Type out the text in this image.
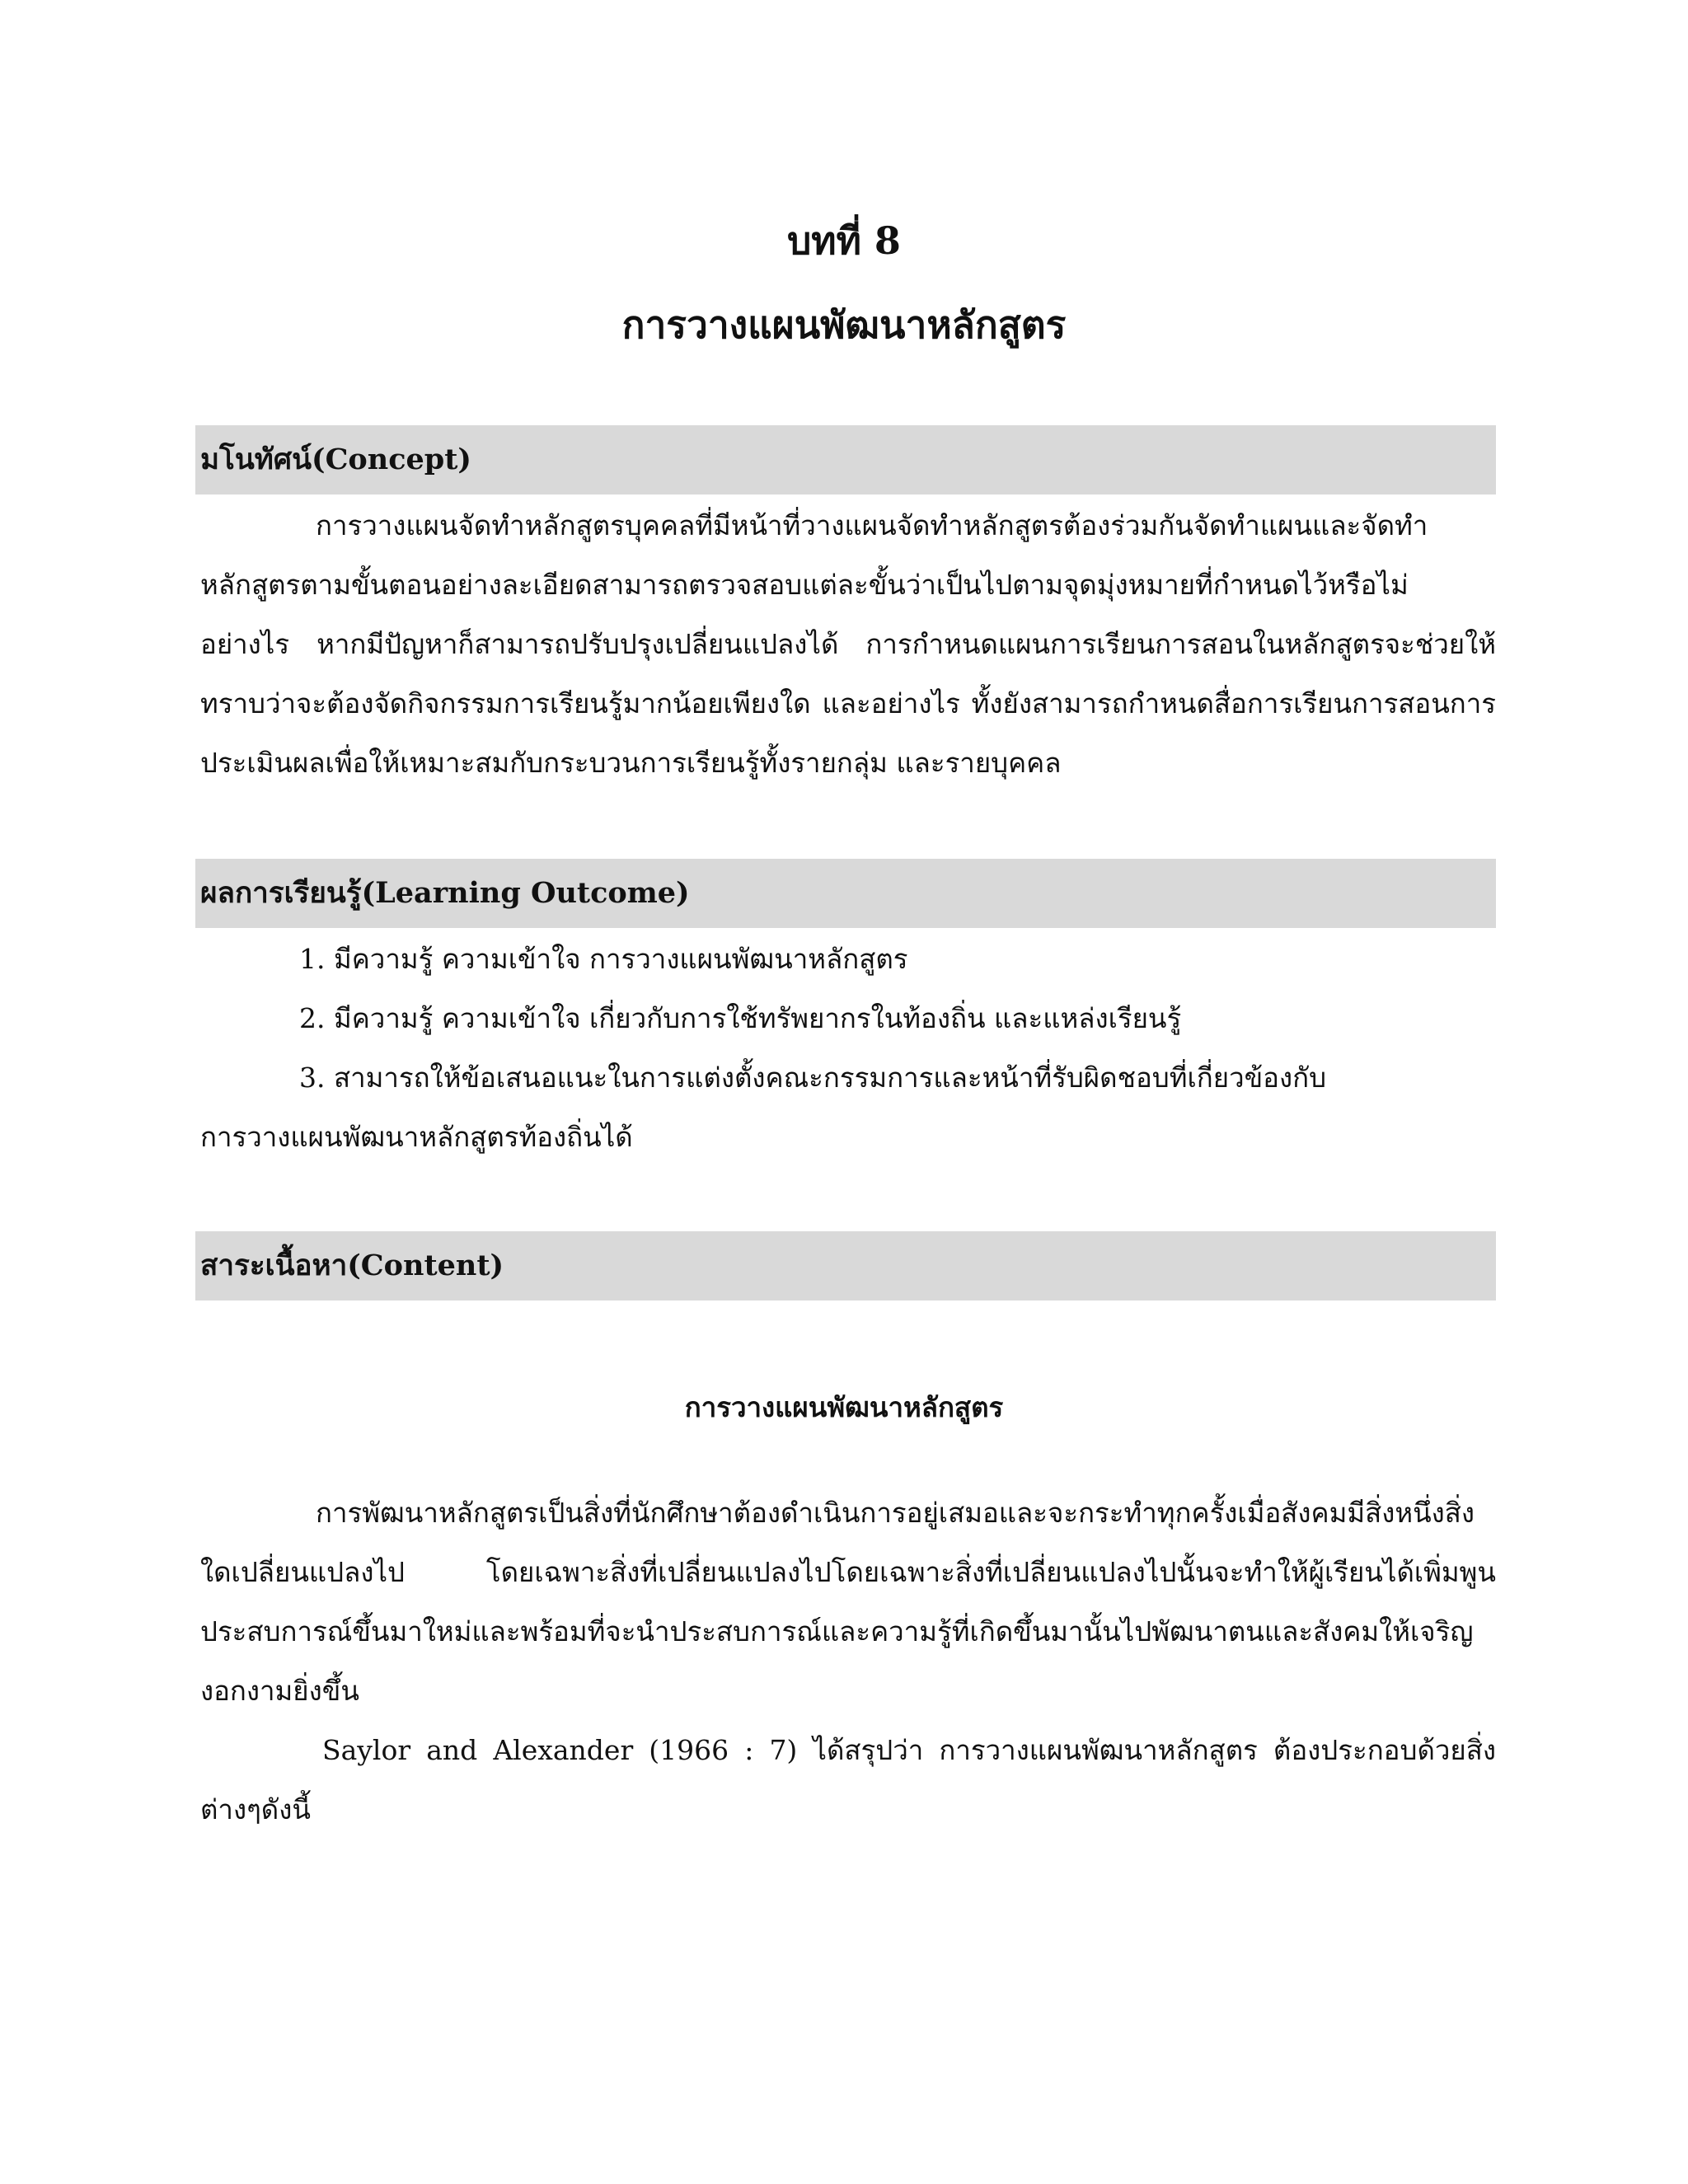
บทที่ 8
การวางแผนพัฒนาหลักสูตร
มโนทัศน์(Concept)

การวางแผนจัดทำหลักสูตรบุคคลที่มีหน้าที่วางแผนจัดทำหลักสูตรต้องร่วมกันจัดทำแผนและจัดทำหลักสูตรตามขั้นตอนอย่างละเอียดสามารถตรวจสอบแต่ละขั้นว่าเป็นไปตามจุดมุ่งหมายที่กำหนดไว้หรือไม่อย่างไร หากมีปัญหาก็สามารถปรับปรุงเปลี่ยนแปลงได้ การกำหนดแผนการเรียนการสอนในหลักสูตรจะช่วยให้ทราบว่าจะต้องจัดกิจกรรมการเรียนรู้มากน้อยเพียงใด และอย่างไร ทั้งยังสามารถกำหนดสื่อการเรียนการสอนการประเมินผลเพื่อให้เหมาะสมกับกระบวนการเรียนรู้ทั้งรายกลุ่ม และรายบุคคล

ผลการเรียนรู้(Learning Outcome)

1. มีความรู้ ความเข้าใจ การวางแผนพัฒนาหลักสูตร

2. มีความรู้ ความเข้าใจ เกี่ยวกับการใช้ทรัพยากรในท้องถิ่น และแหล่งเรียนรู้

3. สามารถให้ข้อเสนอแนะในการแต่งตั้งคณะกรรมการและหน้าที่รับผิดชอบที่เกี่ยวข้องกับ

การวางแผนพัฒนาหลักสูตรท้องถิ่นได้

สาระเนื้อหา(Content)
การวางแผนพัฒนาหลักสูตร

การพัฒนาหลักสูตรเป็นสิ่งที่นักศึกษาต้องดำเนินการอยู่เสมอและจะกระทำทุกครั้งเมื่อสังคมมีสิ่งหนึ่งสิ่งใดเปลี่ยนแปลงไป โดยเฉพาะสิ่งที่เปลี่ยนแปลงไปโดยเฉพาะสิ่งที่เปลี่ยนแปลงไปนั้นจะทำให้ผู้เรียนได้เพิ่มพูนประสบการณ์ขึ้นมาใหม่และพร้อมที่จะนำประสบการณ์และความรู้ที่เกิดขึ้นมานั้นไปพัฒนาตนและสังคมให้เจริญงอกงามยิ่งขึ้น

Saylor and Alexander (1966 : 7) ได้สรุปว่า การวางแผนพัฒนาหลักสูตร ต้องประกอบด้วยสิ่งต่างๆดังนี้
